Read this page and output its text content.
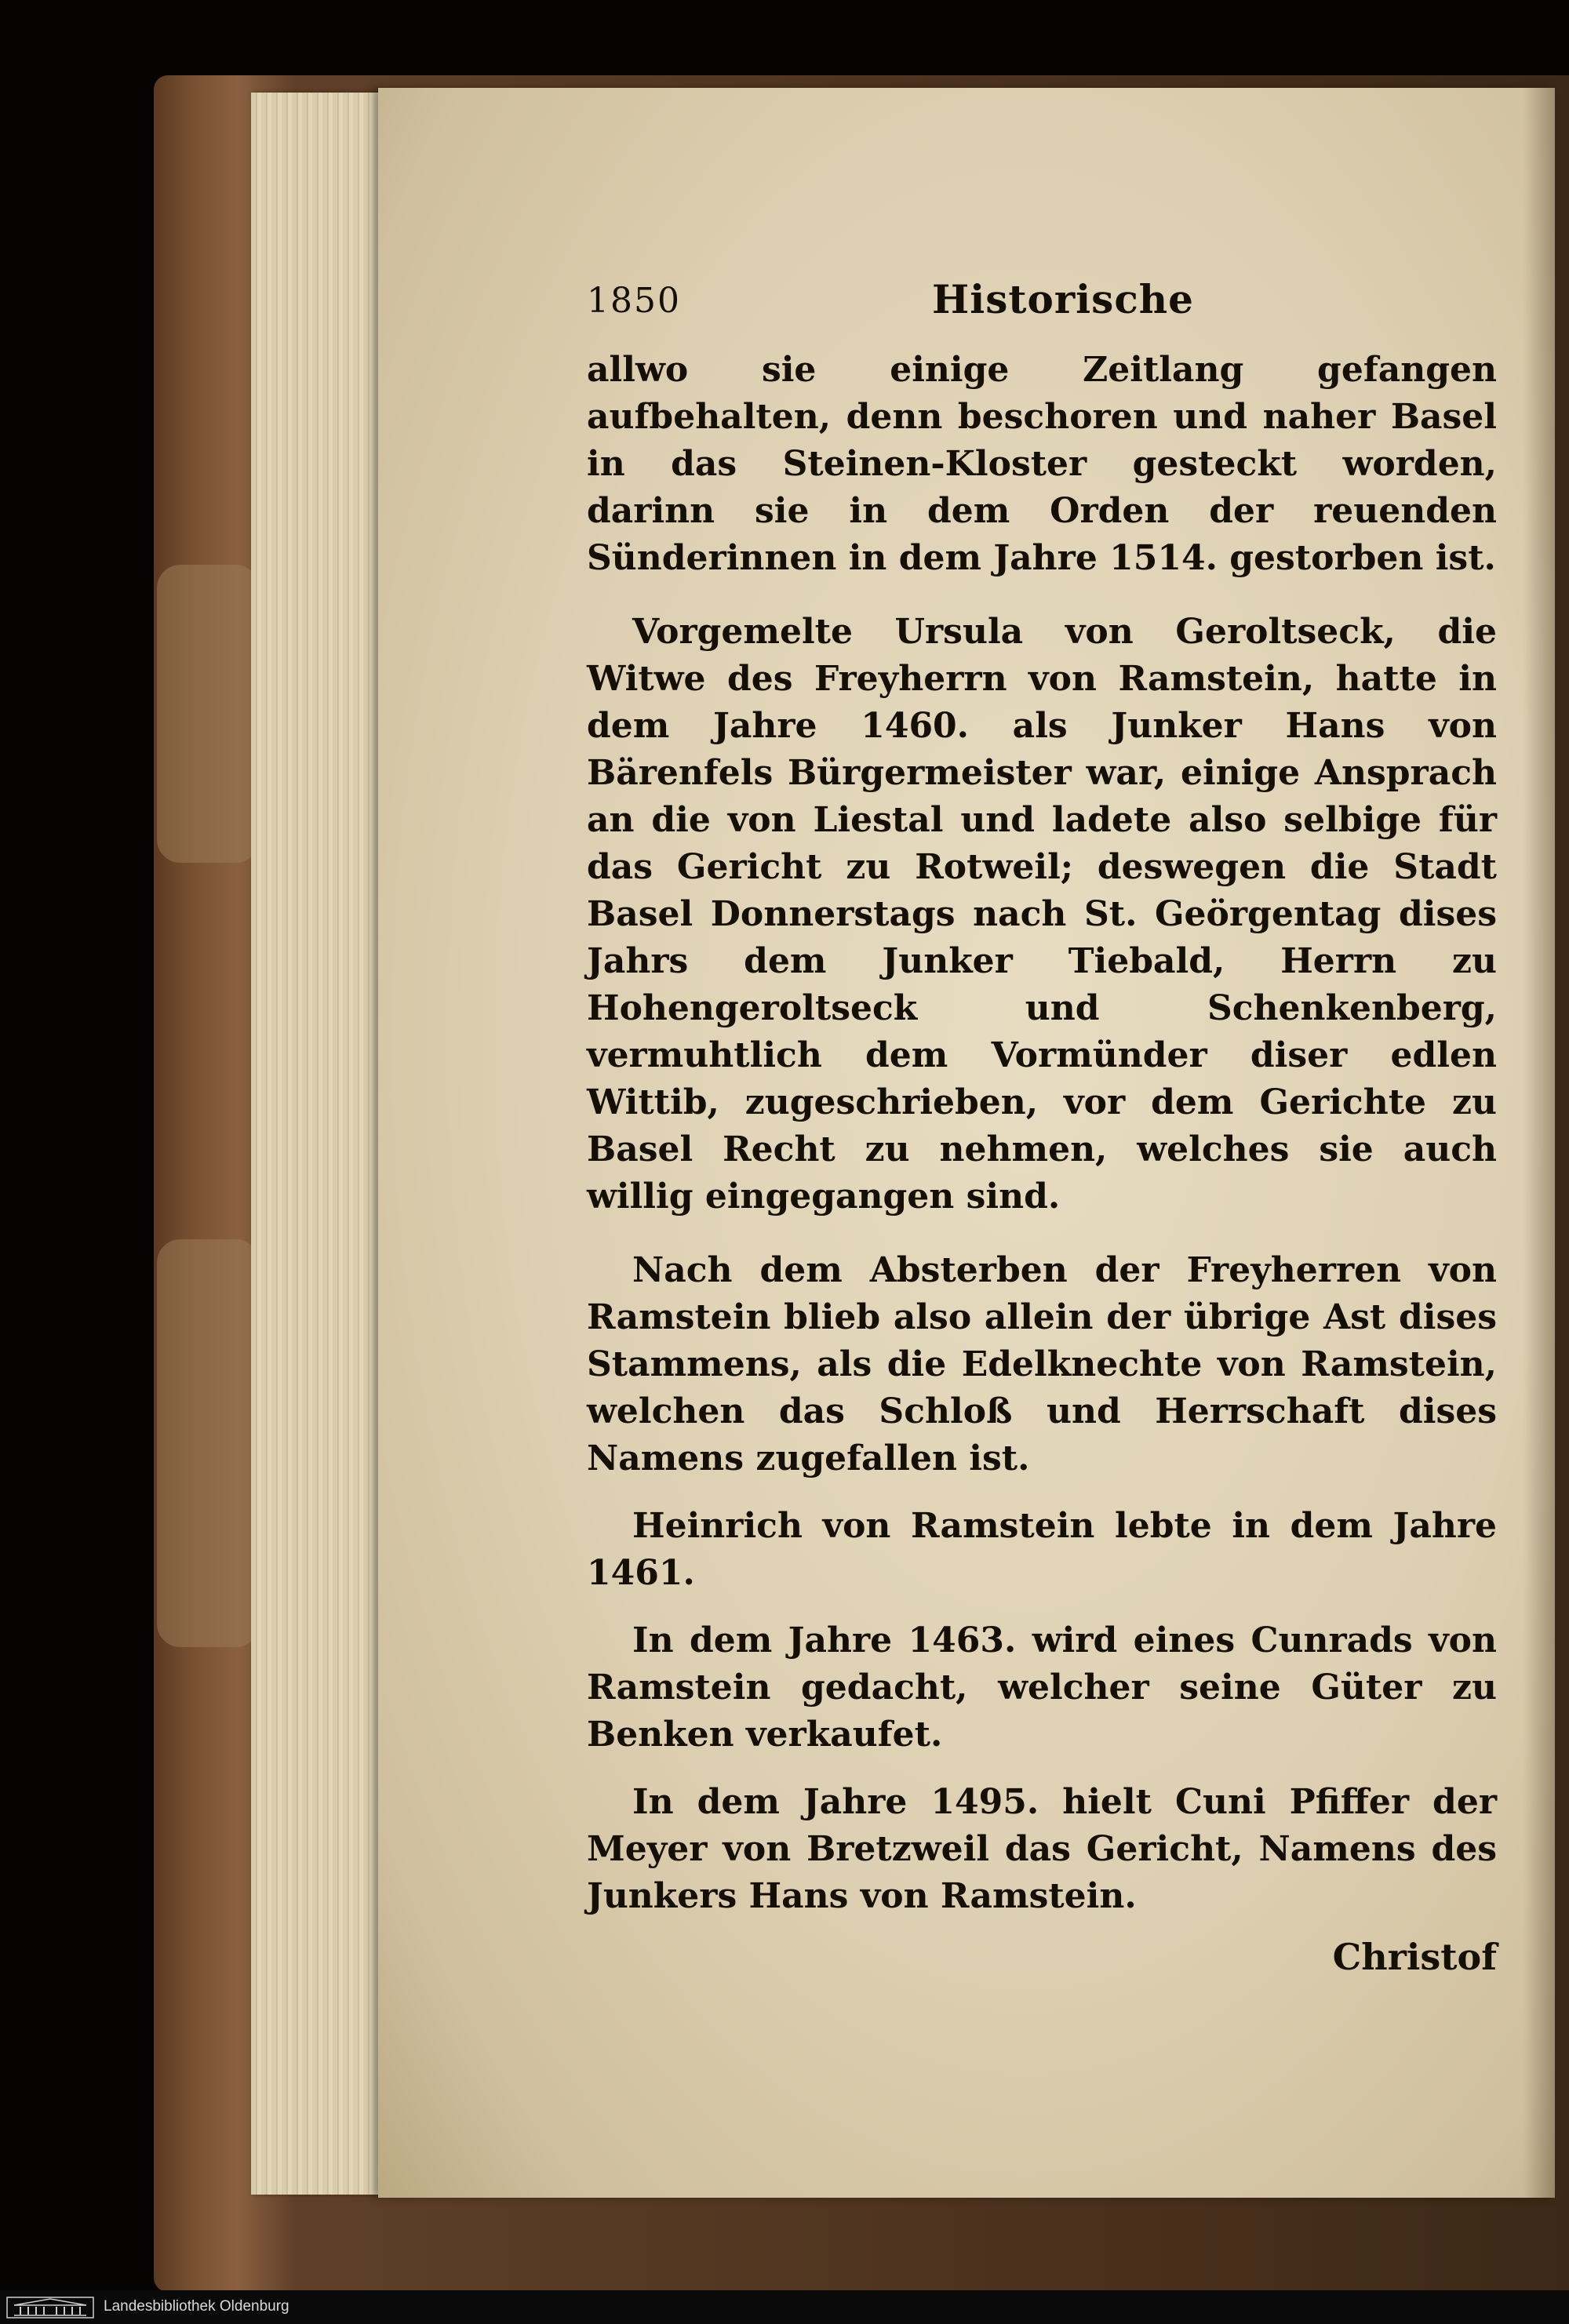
1850	Historische

allwo sie einige Zeitlang gefangen aufbehalten, denn beschoren und naher Basel in das Steinen-Kloster gesteckt worden, darinn sie in dem Orden der reuenden Sünderinnen in dem Jahre 1514. gestorben ist.

Vorgemelte Ursula von Geroltseck, die Witwe des Freyherrn von Ramstein, hatte in dem Jahre 1460. als Junker Hans von Bärenfels Bürgermeister war, einige Ansprach an die von Liestal und ladete also selbige für das Gericht zu Rotweil; deswegen die Stadt Basel Donnerstags nach St. Geörgentag dises Jahrs dem Junker Tiebald, Herrn zu Hohengeroltseck und Schenkenberg, vermuhtlich dem Vormünder diser edlen Wittib, zugeschrieben, vor dem Gerichte zu Basel Recht zu nehmen, welches sie auch willig eingegangen sind.

Nach dem Absterben der Freyherren von Ramstein blieb also allein der übrige Ast dises Stammens, als die Edelknechte von Ramstein, welchen das Schloß und Herrschaft dises Namens zugefallen ist.

Heinrich von Ramstein lebte in dem Jahre 1461.

In dem Jahre 1463. wird eines Cunrads von Ramstein gedacht, welcher seine Güter zu Benken verkaufet.

In dem Jahre 1495. hielt Cuni Pfiffer der Meyer von Bretzweil das Gericht, Namens des Junkers Hans von Ramstein.

Christof
Landesbibliothek Oldenburg
